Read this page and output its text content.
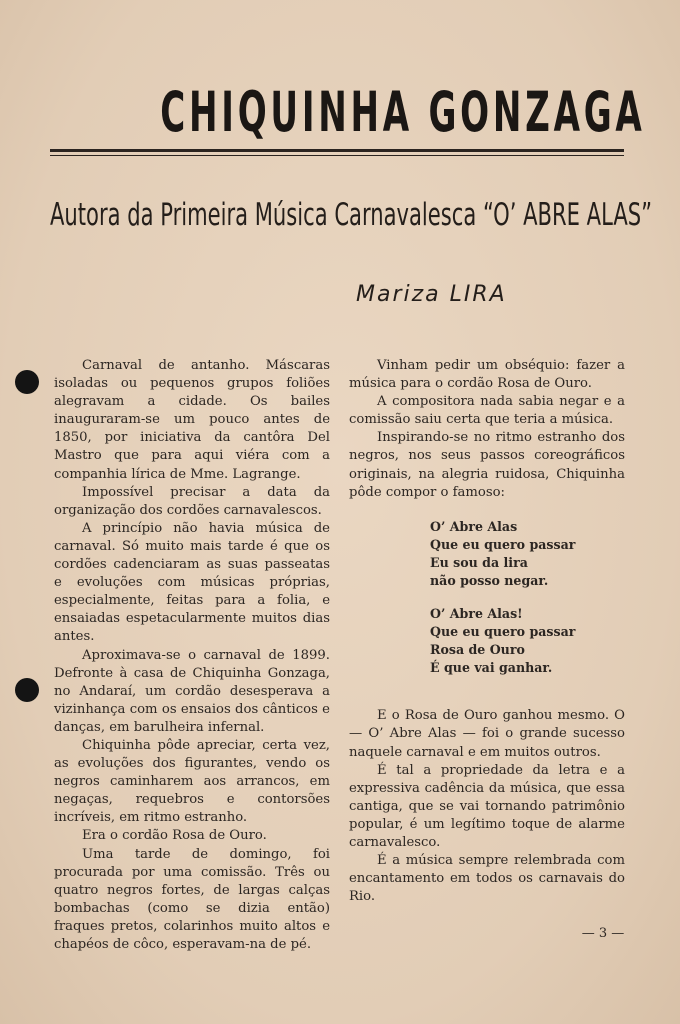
CHIQUINHA GONZAGA
Autora da Primeira Música Carnavalesca “O’ ABRE ALAS”
Mariza LIRA

Carnaval de antanho. Máscaras isoladas ou pequenos grupos foliões alegravam a cidade. Os bailes inauguraram-se um pouco antes de 1850, por iniciativa da cantôra Del Mastro que para aqui viéra com a companhia lírica de Mme. Lagrange.

Impossível precisar a data da organização dos cordões carnavalescos.

A princípio não havia música de carnaval. Só muito mais tarde é que os cordões cadenciaram as suas passeatas e evoluções com músicas próprias, especialmente, feitas para a folia, e ensaiadas espetacularmente muitos dias antes.

Aproximava-se o carnaval de 1899. Defronte à casa de Chiquinha Gonzaga, no Andaraí, um cordão desesperava a vizinhança com os ensaios dos cânticos e danças, em barulheira infernal.

Chiquinha pôde apreciar, certa vez, as evoluções dos figurantes, vendo os negros caminharem aos arrancos, em negaças, requebros e contorsões incríveis, em ritmo estranho.

Era o cordão Rosa de Ouro.

Uma tarde de domingo, foi procurada por uma comissão. Três ou quatro negros fortes, de largas calças bombachas (como se dizia então) fraques pretos, colarinhos muito altos e chapéos de côco, esperavam-na de pé.

Vinham pedir um obséquio: fazer a música para o cordão Rosa de Ouro.

A compositora nada sabia negar e a comissão saiu certa que teria a música.

Inspirando-se no ritmo estranho dos negros, nos seus passos coreográficos originais, na alegria ruidosa, Chiquinha pôde compor o famoso:

O’ Abre Alas
Que eu quero passar
Eu sou da lira
não posso negar.
O’ Abre Alas!
Que eu quero passar
Rosa de Ouro
É que vai ganhar.

E o Rosa de Ouro ganhou mesmo. O — O’ Abre Alas — foi o grande sucesso naquele carnaval e em muitos outros.

É tal a propriedade da letra e a expressiva cadência da música, que essa cantiga, que se vai tornando patrimônio popular, é um legítimo toque de alarme carnavalesco.

É a música sempre relembrada com encantamento em todos os carnavais do Rio.

— 3 —
